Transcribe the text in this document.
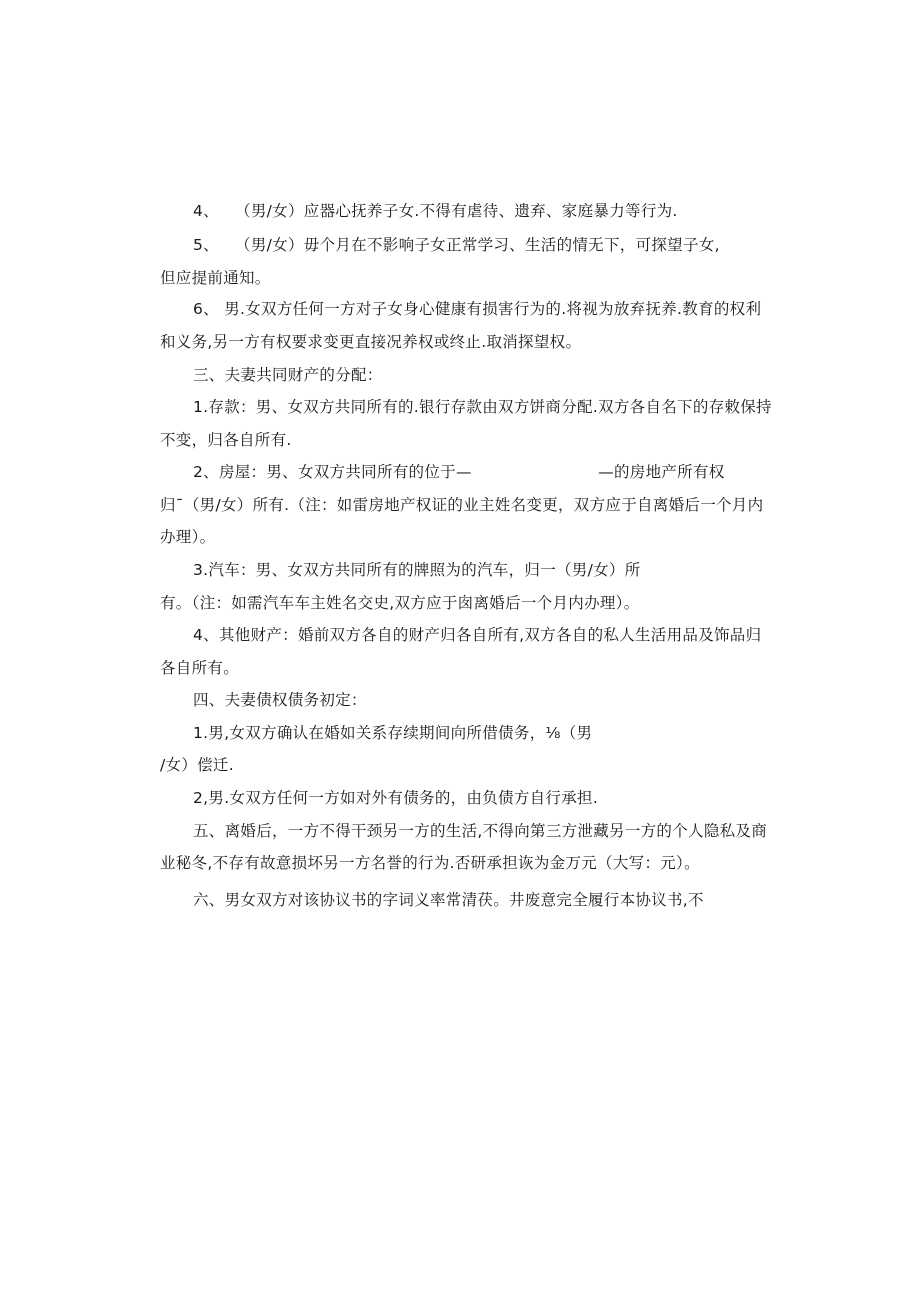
4、　　（男/女）应器心抚养子女.不得有虐待、遗弃、家庭暴力等行为.
5、　　（男/女）毋个月在不影响子女正常学习、生活的情无下，可探望子女,
但应提前通知。
6、 男.女双方任何一方对子女身心健康有损害行为的.将视为放弃抚养.教育的权利
和义务,另一方有权要求变更直接况养权或终止.取消探望权。
三、夫妻共同财产的分配：
1.存款：男、女双方共同所有的.银行存款由双方饼商分配.双方各自名下的存敕保持
不变，归各自所有.
2、房屋：男、女双方共同所有的位于—　　　　　　　　—的房地产所有权
归¯（男/女）所有.（注：如雷房地产权证的业主姓名变更，双方应于自离婚后一个月内
办理）。
3.汽车：男、女双方共同所有的牌照为的汽车，归一（男/女）所
有。（注：如需汽车车主姓名交史,双方应于囱离婚后一个月内办理）。
4、其他财产：婚前双方各自的财产归各自所有,双方各自的私人生活用品及饰品归
各自所有。
四、夫妻债权债务初定：
1.男,女双方确认在婚如关系存续期间向所借债务，⅛（男
/女）偿迁.
2,男.女双方任何一方如对外有债务的，由负债方自行承担.
五、离婚后，一方不得干颈另一方的生活,不得向第三方泄藏另一方的个人隐私及商
业秘冬,不存有故意损坏另一方名誉的行为.否研承担诙为金万元（大写：元）。
六、男女双方对该协议书的字词义率常清茯。井废意完全履行本协议书,不
